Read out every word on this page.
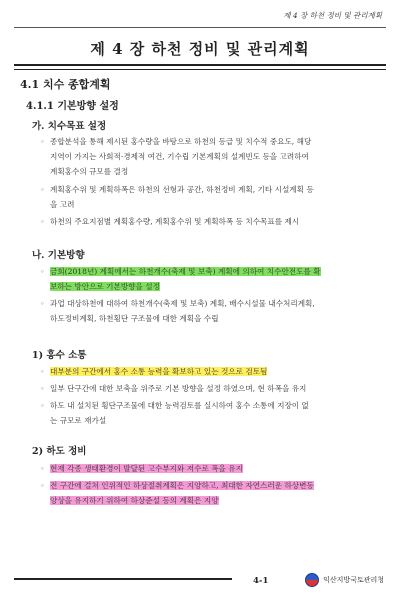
제 4 장 하천 정비 및 관리계획
제 4 장 하천 정비 및 관리계획
4.1 치수 종합계획
4.1.1 기본방향 설정
가. 치수목표 설정
◦ 종합분석을 통해 제시된 홍수량을 바탕으로 하천의 등급 및 치수적 중요도, 해당
지역이 가지는 사회적·경제적 여건, 기수립 기본계획의 설계빈도 등을 고려하여
계획홍수의 규모를 결정
◦ 계획홍수위 및 계획하폭은 하천의 선형과 공간, 하천정비 계획, 기타 시설계획 등
을 고려
◦ 하천의 주요지점별 계획홍수량, 계획홍수위 및 계획하폭 등 치수목표를 제시
나. 기본방향
◦ 금회(2018년) 계획에서는 하천개수(축제 및 보축) 계획에 의하여 치수안전도를 확
보하는 방안으로 기본방향을 설정
◦ 과업 대상하천에 대하여 하천개수(축제 및 보축) 계획, 배수시설물 내수처리계획,
하도정비계획, 하천횡단 구조물에 대한 계획을 수립
1) 홍수 소통
◦ 대부분의 구간에서 홍수 소통 능력을 확보하고 있는 것으로 검토됨
◦ 일부 단구간에 대한 보축을 위주로 기본 방향을 설정 하였으며, 현 하폭을 유지
◦ 하도 내 설치된 횡단구조물에 대한 능력검토를 실시하여 홍수 소통에 지장이 없
는 규모로 재가설
2) 하도 정비
◦ 현재 각종 생태환경이 발달된 고수부지와 저수로 폭을 유지
◦ 전 구간에 걸쳐 인위적인 하상절취계획은 지양하고, 최대한 자연스러운 하상변동
양상을 유지하기 위하여 하상준설 등의 계획은 지양
4-1	익산지방국토관리청
